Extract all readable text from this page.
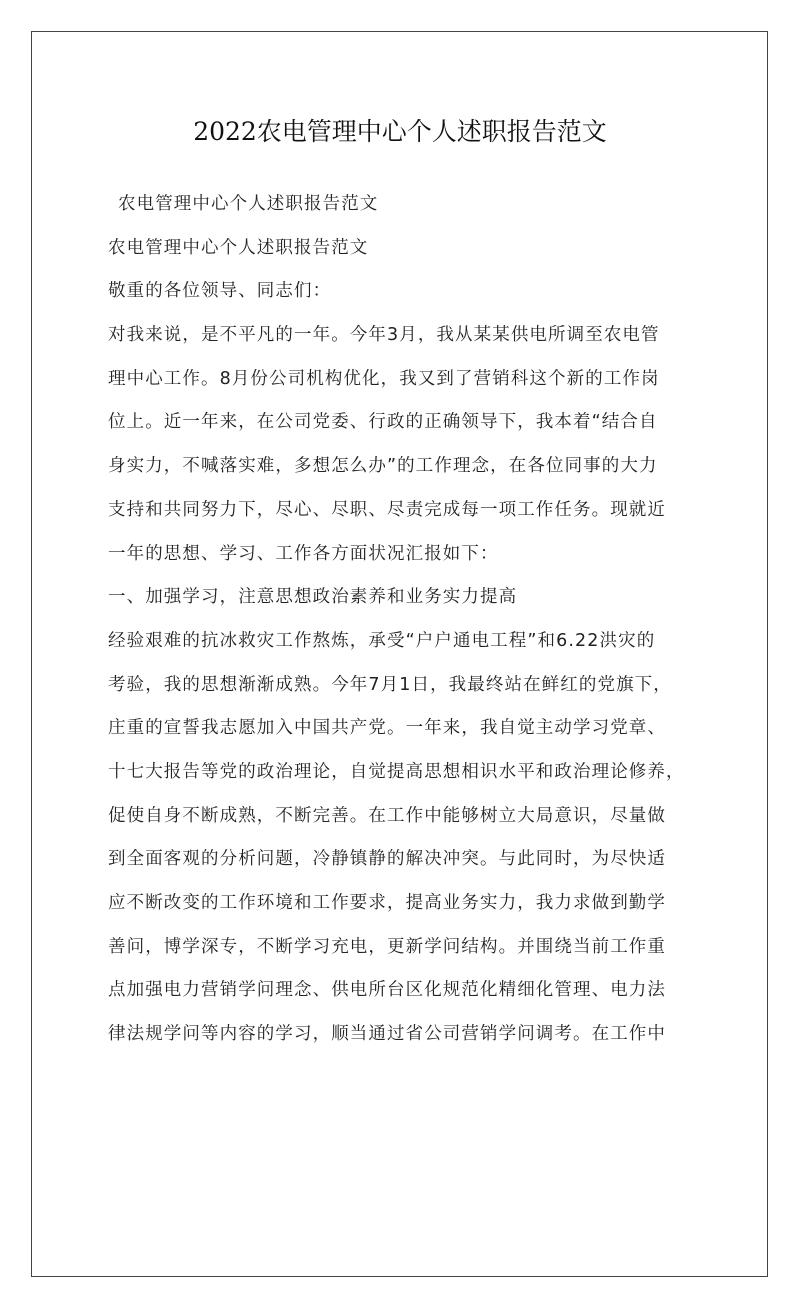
2022农电管理中心个人述职报告范文
农电管理中心个人述职报告范文
农电管理中心个人述职报告范文
敬重的各位领导、同志们：
对我来说，是不平凡的一年。今年3月，我从某某供电所调至农电管
理中心工作。8月份公司机构优化，我又到了营销科这个新的工作岗
位上。近一年来，在公司党委、行政的正确领导下，我本着“结合自
身实力，不喊落实难，多想怎么办”的工作理念，在各位同事的大力
支持和共同努力下，尽心、尽职、尽责完成每一项工作任务。现就近
一年的思想、学习、工作各方面状况汇报如下：
一、加强学习，注意思想政治素养和业务实力提高
经验艰难的抗冰救灾工作熬炼，承受“户户通电工程”和6.22洪灾的
考验，我的思想渐渐成熟。今年7月1日，我最终站在鲜红的党旗下，
庄重的宣誓我志愿加入中国共产党。一年来，我自觉主动学习党章、
十七大报告等党的政治理论，自觉提高思想相识水平和政治理论修养，
促使自身不断成熟，不断完善。在工作中能够树立大局意识，尽量做
到全面客观的分析问题，冷静镇静的解决冲突。与此同时，为尽快适
应不断改变的工作环境和工作要求，提高业务实力，我力求做到勤学
善问，博学深专，不断学习充电，更新学问结构。并围绕当前工作重
点加强电力营销学问理念、供电所台区化规范化精细化管理、电力法
律法规学问等内容的学习，顺当通过省公司营销学问调考。在工作中
